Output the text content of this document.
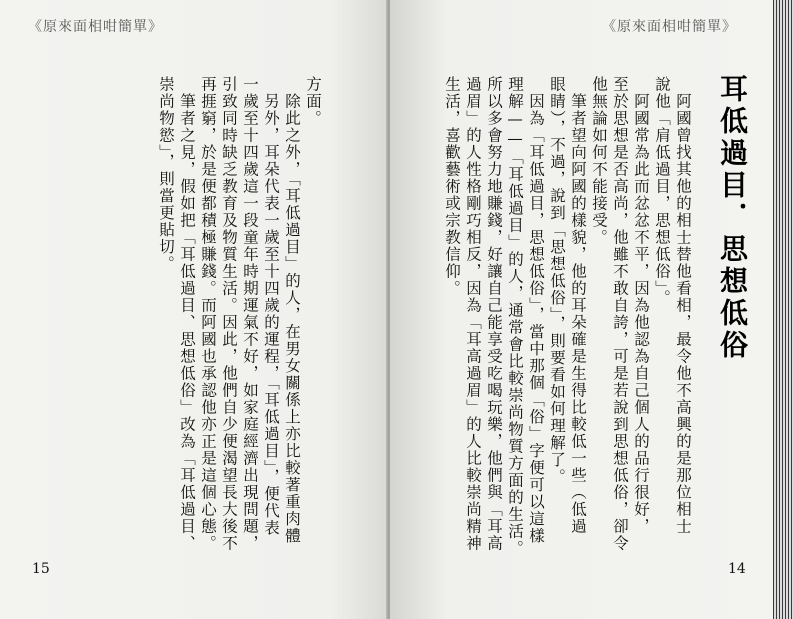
《原來面相咁簡單》
方面。
　除此之外，「耳低過目」的人，在男女關係上亦比較著重肉體
　另外，耳朵代表一歲至十四歲的運程，「耳低過目」，便代表
一歲至十四歲這一段童年時期運氣不好，如家庭經濟出現問題，
引致同時缺乏教育及物質生活。因此，他們自少便渴望長大後不
再捱窮，於是便都積極賺錢。而阿國也承認他亦正是這個心態。
　筆者之見，假如把「耳低過目、思想低俗」改為「耳低過目、
崇尚物慾」，則當更貼切。
15
《原來面相咁簡單》
耳低過目．思想低俗
　阿國曾找其他的相士替他看相，最令他不高興的是那位相士
說他「肩低過目，思想低俗」。
　阿國常為此而忿忿不平，因為他認為自己個人的品行很好，
至於思想是否高尚，他雖不敢自誇，可是若說到思想低俗，卻令
他無論如何不能接受。
　筆者望向阿國的樣貌，他的耳朵確是生得比較低一些（低過
眼睛），不過，說到「思想低俗」，則要看如何理解了。
　因為「耳低過目，思想低俗」，當中那個「俗」字便可以這樣
理解——「耳低過目」的人，通常會比較崇尚物質方面的生活。
所以多會努力地賺錢，好讓自己能享受吃喝玩樂，他們與「耳高
過眉」的人性格剛巧相反，因為「耳高過眉」的人比較崇尚精神
生活，喜歡藝術或宗教信仰。
14
